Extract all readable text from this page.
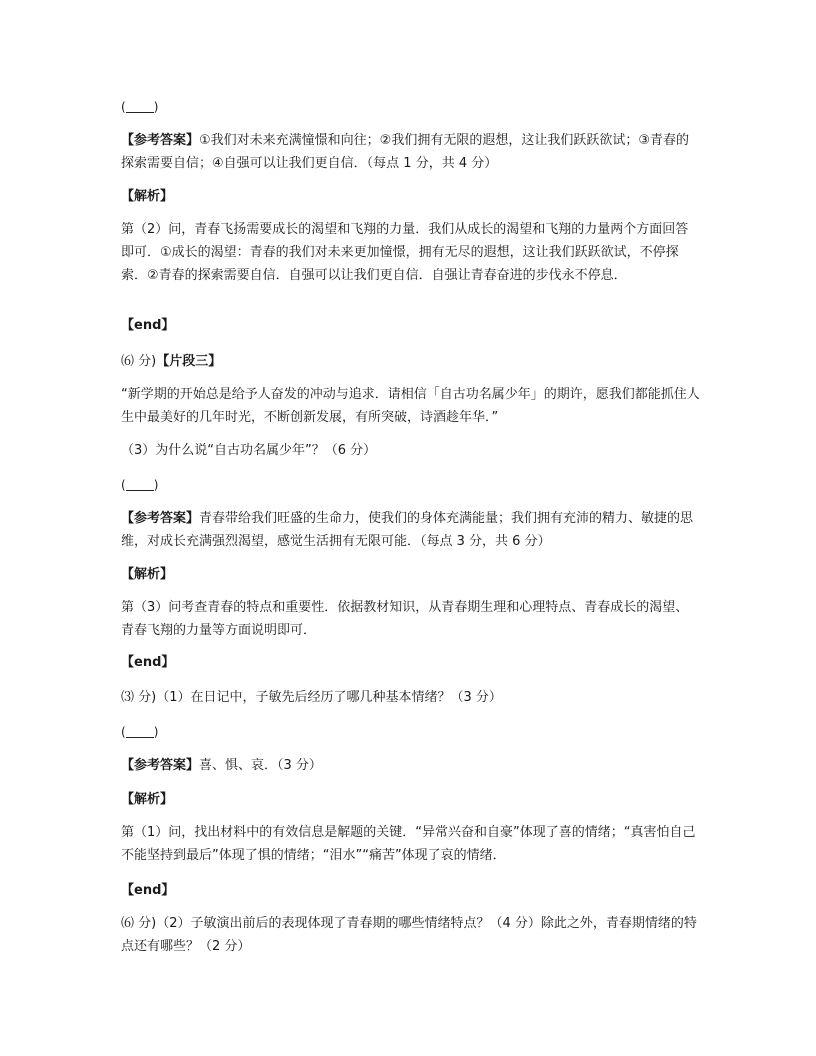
( )
【参考答案】①我们对未来充满憧憬和向往；②我们拥有无限的遐想，这让我们跃跃欲试；③青春的探索需要自信；④自强可以让我们更自信．（每点 1 分，共 4 分）
【解析】
第（2）问，青春飞扬需要成长的渴望和飞翔的力量．我们从成长的渴望和飞翔的力量两个方面回答即可．①成长的渴望：青春的我们对未来更加憧憬，拥有无尽的遐想，这让我们跃跃欲试，不停探索．②青春的探索需要自信．自强可以让我们更自信．自强让青春奋进的步伐永不停息．
【end】
⑹ 分)【片段三】
“新学期的开始总是给予人奋发的冲动与追求．请相信「自古功名属少年」的期许，愿我们都能抓住人生中最美好的几年时光，不断创新发展，有所突破，诗酒趁年华．”
（3）为什么说“自古功名属少年”？（6 分）
( )
【参考答案】青春带给我们旺盛的生命力，使我们的身体充满能量；我们拥有充沛的精力、敏捷的思维，对成长充满强烈渴望，感觉生活拥有无限可能．（每点 3 分，共 6 分）
【解析】
第（3）问考查青春的特点和重要性．依据教材知识，从青春期生理和心理特点、青春成长的渴望、青春飞翔的力量等方面说明即可．
【end】
⑶ 分)（1）在日记中，子敏先后经历了哪几种基本情绪？（3 分）
( )
【参考答案】喜、惧、哀．（3 分）
【解析】
第（1）问，找出材料中的有效信息是解题的关键．“异常兴奋和自豪”体现了喜的情绪；“真害怕自己不能坚持到最后”体现了惧的情绪；“泪水”“痛苦”体现了哀的情绪．
【end】
⑹ 分)（2）子敏演出前后的表现体现了青春期的哪些情绪特点？（4 分）除此之外，青春期情绪的特点还有哪些？（2 分）
